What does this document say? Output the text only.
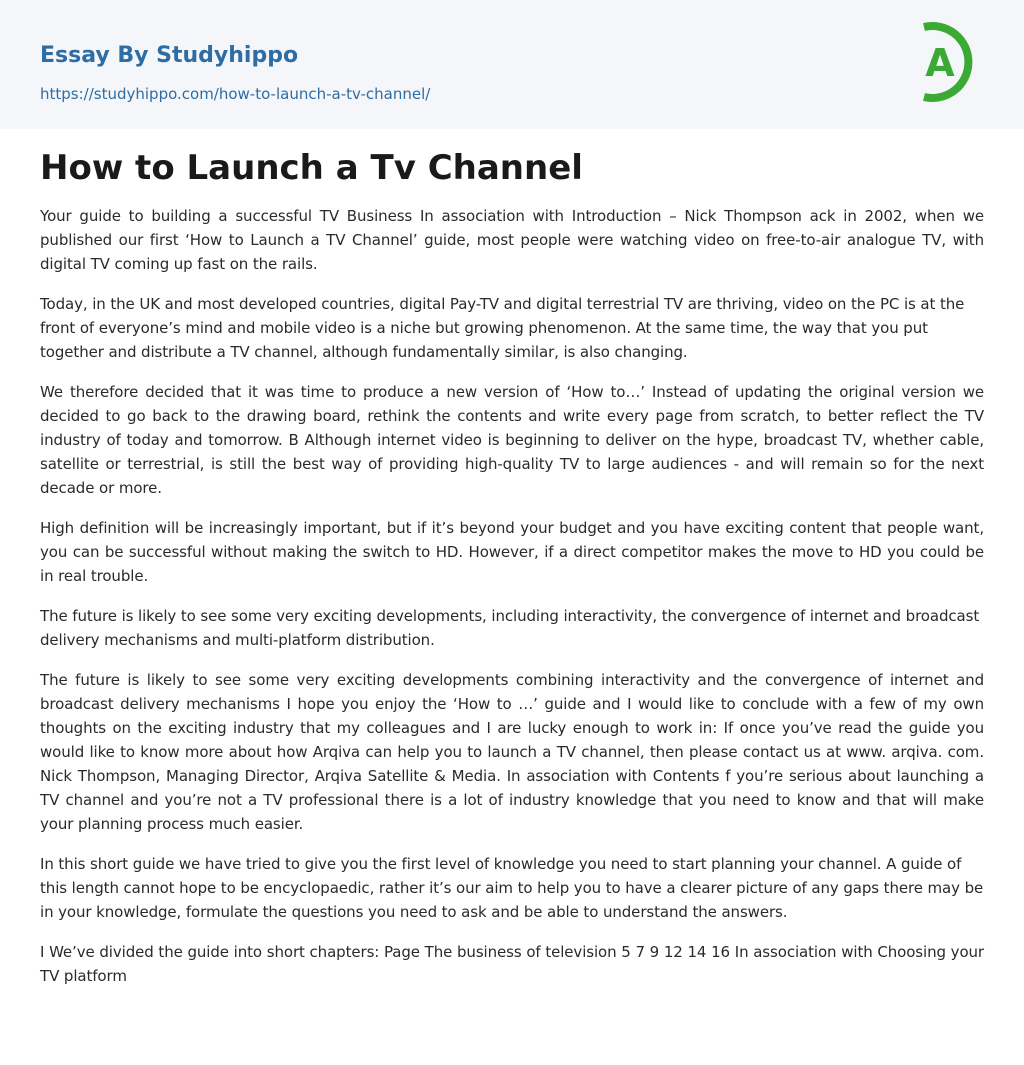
Essay By Studyhippo
https://studyhippo.com/how-to-launch-a-tv-channel/
A
How to Launch a Tv Channel

Your guide to building a successful TV Business In association with Introduction – Nick Thompson ack in 2002, when we published our first ‘How to Launch a TV Channel’ guide, most people were watching video on free-to-air analogue TV, with digital TV coming up fast on the rails.

Today, in the UK and most developed countries, digital Pay-TV and digital terrestrial TV are thriving, video on the PC is at the front of everyone’s mind and mobile video is a niche but growing phenomenon. At the same time, the way that you put together and distribute a TV channel, although fundamentally similar, is also changing.

We therefore decided that it was time to produce a new version of ‘How to…’ Instead of updating the original version we decided to go back to the drawing board, rethink the contents and write every page from scratch, to better reflect the TV industry of today and tomorrow. B Although internet video is beginning to deliver on the hype, broadcast TV, whether cable, satellite or terrestrial, is still the best way of providing high-quality TV to large audiences - and will remain so for the next decade or more.

High definition will be increasingly important, but if it’s beyond your budget and you have exciting content that people want, you can be successful without making the switch to HD. However, if a direct competitor makes the move to HD you could be in real trouble.

The future is likely to see some very exciting developments, including interactivity, the convergence of internet and broadcast delivery mechanisms and multi-platform distribution.

The future is likely to see some very exciting developments combining interactivity and the convergence of internet and broadcast delivery mechanisms I hope you enjoy the ‘How to …’ guide and I would like to conclude with a few of my own thoughts on the exciting industry that my colleagues and I are lucky enough to work in: If once you’ve read the guide you would like to know more about how Arqiva can help you to launch a TV channel, then please contact us at www. arqiva. com. Nick Thompson, Managing Director, Arqiva Satellite & Media. In association with Contents f you’re serious about launching a TV channel and you’re not a TV professional there is a lot of industry knowledge that you need to know and that will make your planning process much easier.

In this short guide we have tried to give you the first level of knowledge you need to start planning your channel. A guide of this length cannot hope to be encyclopaedic, rather it’s our aim to help you to have a clearer picture of any gaps there may be in your knowledge, formulate the questions you need to ask and be able to understand the answers.

I We’ve divided the guide into short chapters: Page The business of television 5 7 9 12 14 16 In association with Choosing your TV platform
